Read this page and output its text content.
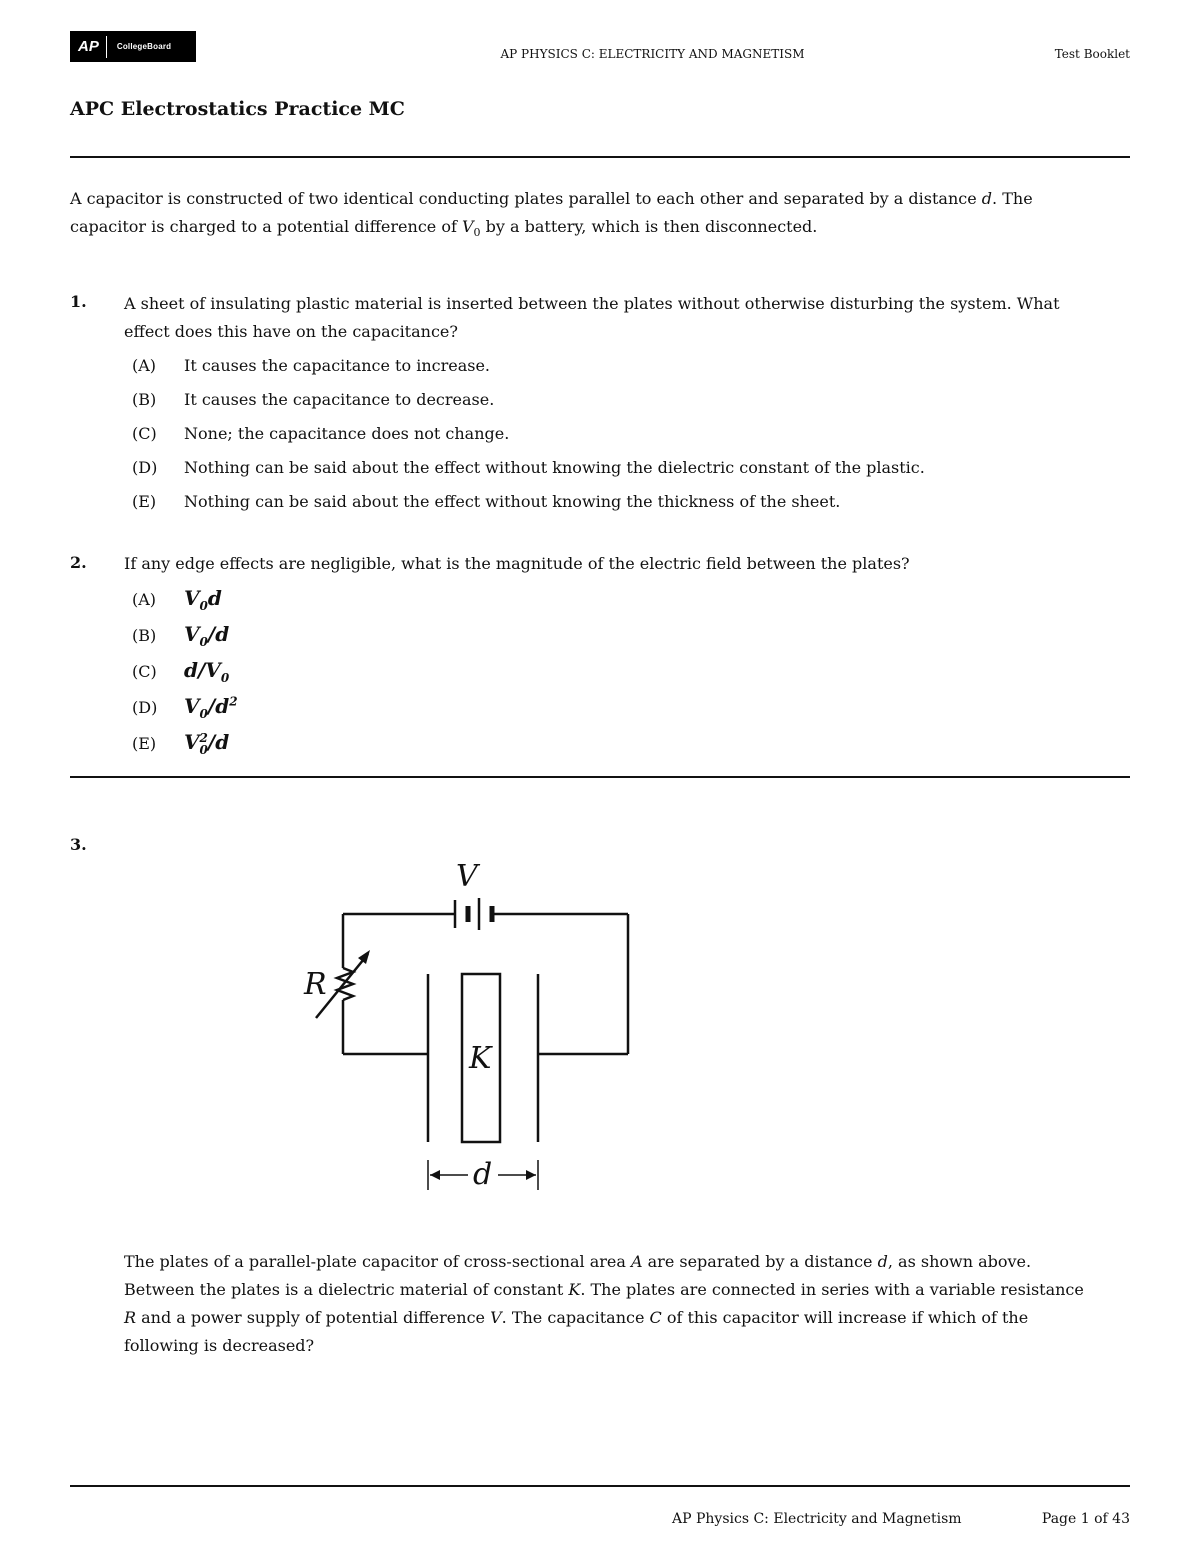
AP CollegeBoard
AP PHYSICS C: ELECTRICITY AND MAGNETISM	Test Booklet
APC Electrostatics Practice MC
A capacitor is constructed of two identical conducting plates parallel to each other and separated by a distance d. The
capacitor is charged to a potential difference of $V_0$ by a battery, which is then disconnected.
1. A sheet of insulating plastic material is inserted between the plates without otherwise disturbing the system. What
effect does this have on the capacitance?
(A)	It causes the capacitance to increase.
(B)	It causes the capacitance to decrease.
(C)	None; the capacitance does not change.
(D)	Nothing can be said about the effect without knowing the dielectric constant of the plastic.
(E)	Nothing can be said about the effect without knowing the thickness of the sheet.
2. If any edge effects are negligible, what is the magnitude of the electric field between the plates?
(A)	$V_0d$
(B)	$V_0/d$
(C)	$d/V_0$
(D)	$V_0/d^2$
(E)	V 2
0 /d
3.
V
R
K
d
The plates of a parallel-plate capacitor of cross-sectional area A are separated by a distance d, as shown above.
Between the plates is a dielectric material of constant K. The plates are connected in series with a variable resistance
R and a power supply of potential difference V. The capacitance C of this capacitor will increase if which of the
following is decreased?
AP Physics C: Electricity and Magnetism	Page 1 of 43
